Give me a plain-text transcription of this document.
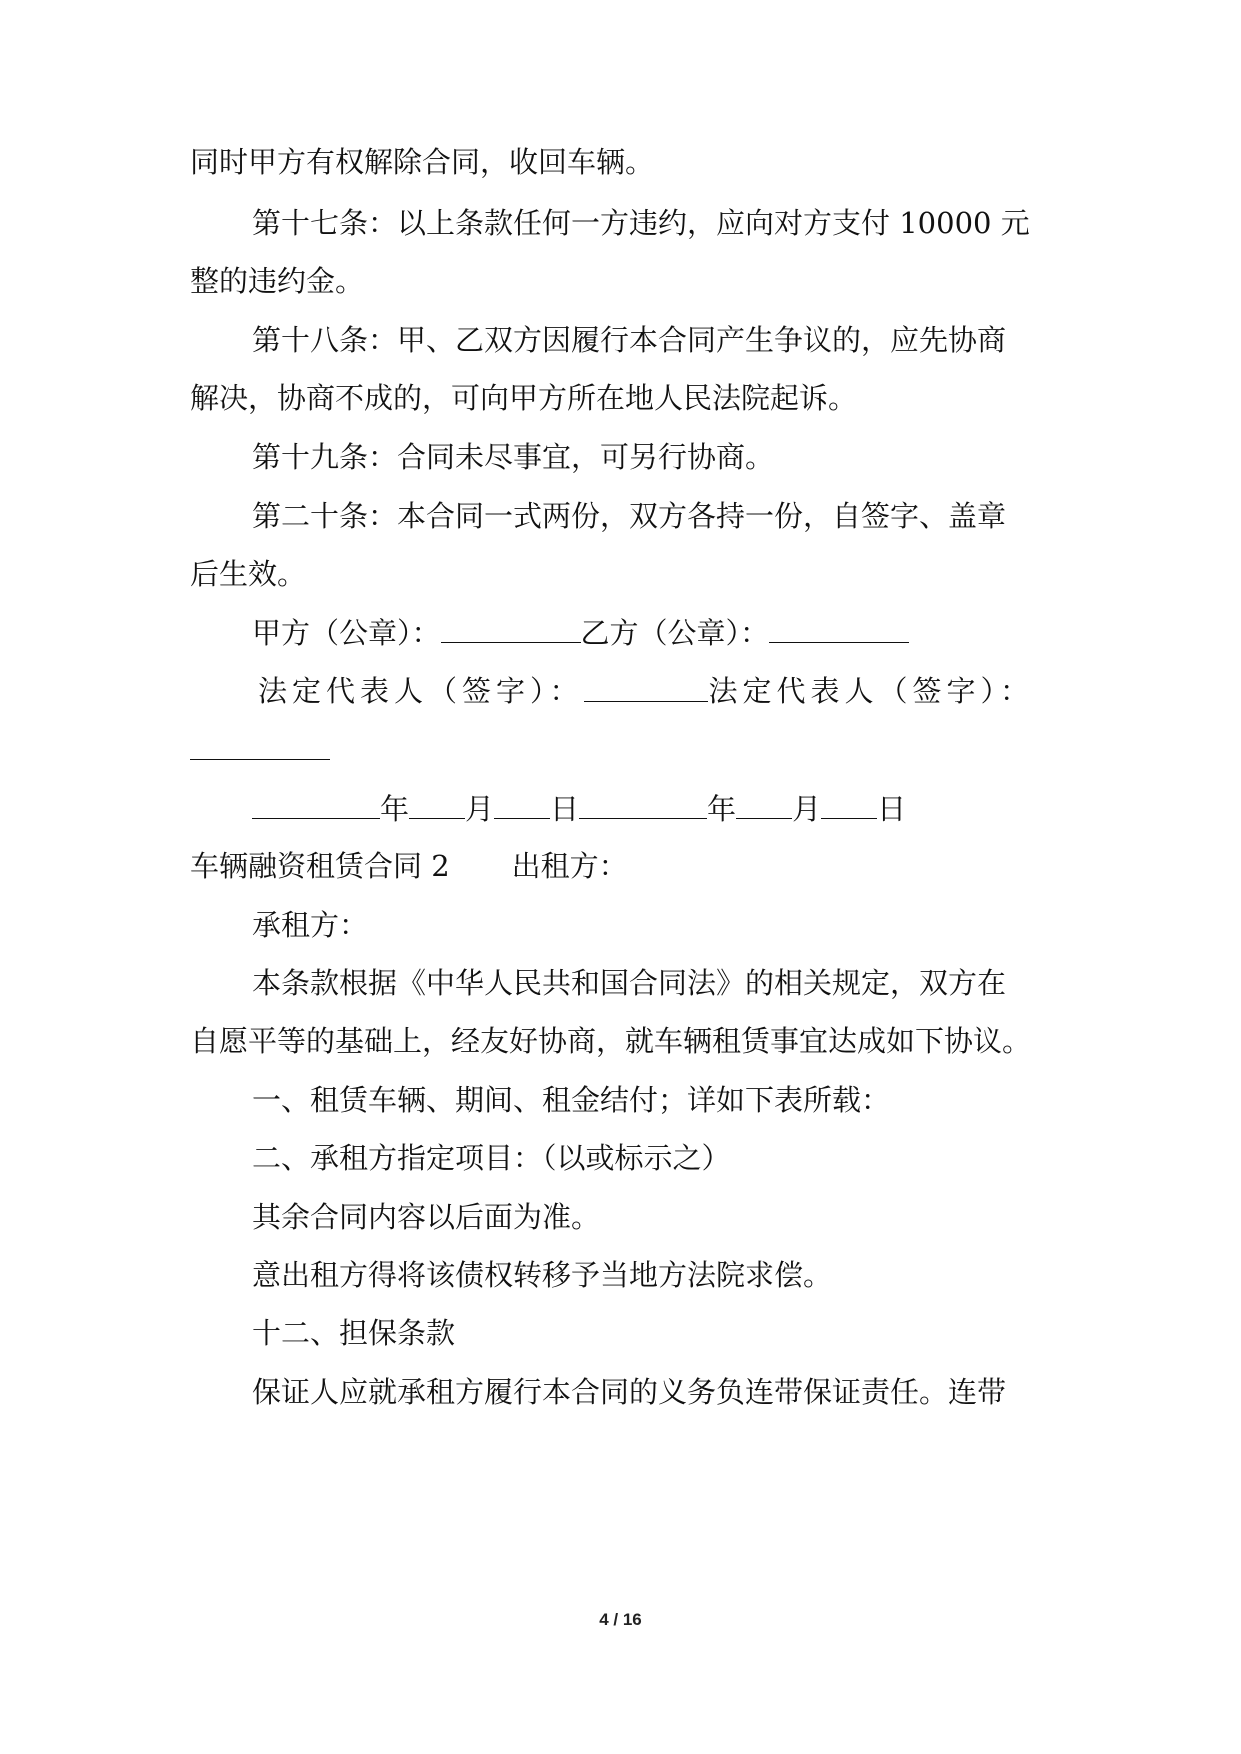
同时甲方有权解除合同，收回车辆。
第十七条：以上条款任何一方违约，应向对方支付 10000 元
整的违约金。
第十八条：甲、乙双方因履行本合同产生争议的，应先协商
解决，协商不成的，可向甲方所在地人民法院起诉。
第十九条：合同未尽事宜，可另行协商。
第二十条：本合同一式两份，双方各持一份，自签字、盖章
后生效。
甲方（公章）：	乙方（公章）：
法定代表人（签字）：	法定代表人（签字）：
年 月 日	年 月 日
车辆融资租赁合同 2 出租方：
承租方：
本条款根据《中华人民共和国合同法》的相关规定，双方在
自愿平等的基础上，经友好协商，就车辆租赁事宜达成如下协议。
一、租赁车辆、期间、租金结付；详如下表所载：
二、承租方指定项目：（以或标示之）
其余合同内容以后面为准。
意出租方得将该债权转移予当地方法院求偿。
十二、担保条款
保证人应就承租方履行本合同的义务负连带保证责任。连带
4 / 16
